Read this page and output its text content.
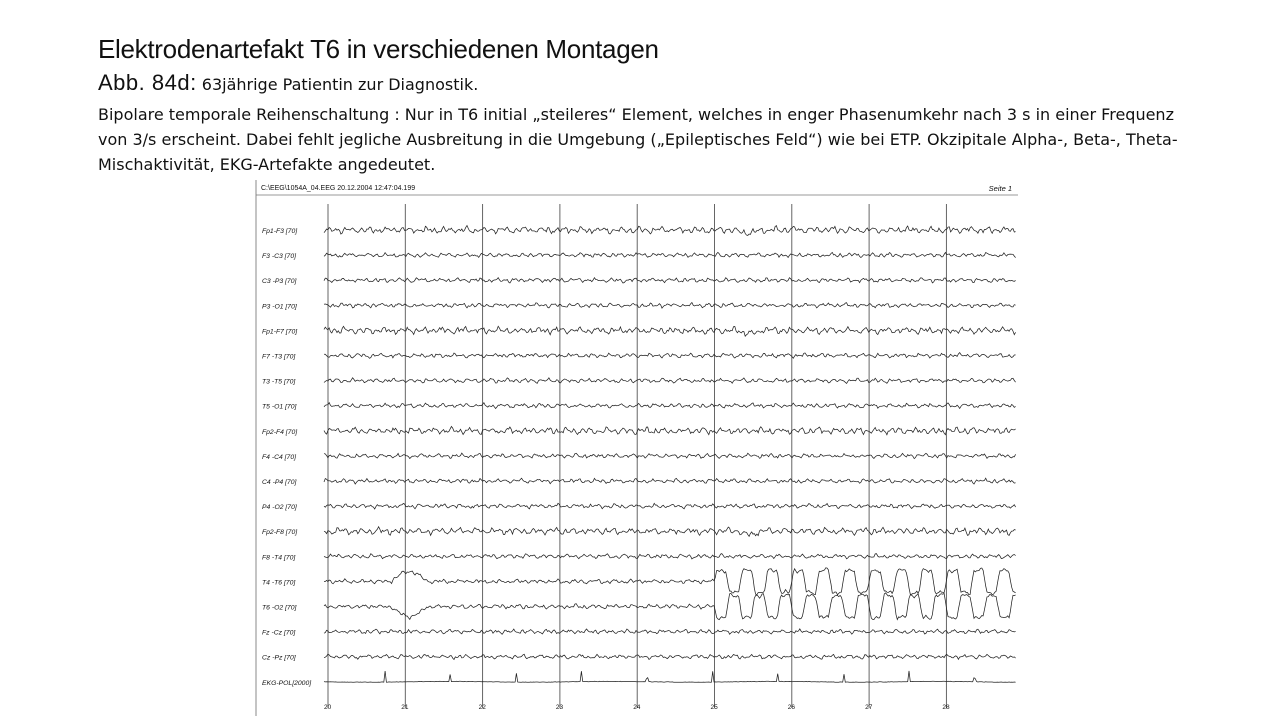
Elektrodenartefakt T6 in verschiedenen Montagen

Abb. 84d: 63jährige Patientin zur Diagnostik.

Bipolare temporale Reihenschaltung : Nur in T6 initial „steileres“ Element, welches in enger Phasenumkehr nach 3 s in einer Frequenz von 3/s erscheint. Dabei fehlt jegliche Ausbreitung in die Umgebung („Epileptisches Feld“) wie bei ETP. Okzipitale Alpha-, Beta-, Theta-Mischaktivität, EKG-Artefakte angedeutet.

C:\EEG\1054A_04.EEG 20.12.2004 12:47:04.199	Seite 1
Fp1-F3 [70]
F3 -C3 [70]
C3 -P3 [70]
P3 -O1 [70]
Fp1-F7 [70]
F7 -T3 [70]
T3 -T5 [70]
T5 -O1 [70]
Fp2-F4 [70]
F4 -C4 [70]
C4 -P4 [70]
P4 -O2 [70]
Fp2-F8 [70]
F8 -T4 [70]
T4 -T6 [70]
T6 -O2 [70]
Fz -Cz [70]
Cz -Pz [70]
EKG-POL[2000]
20	21	22	23	24	25	26	27	28
